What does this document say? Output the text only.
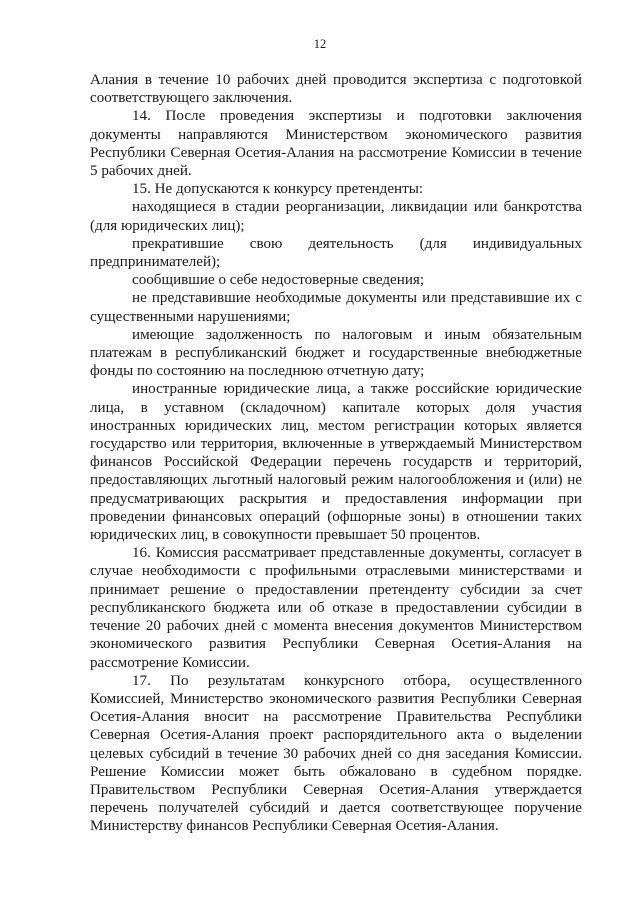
12
Алания в течение 10 рабочих дней проводится экспертиза с подготовкой
соответствующего заключения.
14. После проведения экспертизы и подготовки заключения
документы направляются Министерством экономического развития
Республики Северная Осетия-Алания на рассмотрение Комиссии в течение
5 рабочих дней.
15. Не допускаются к конкурсу претенденты:
находящиеся в стадии реорганизации, ликвидации или банкротства
(для юридических лиц);
прекратившие свою деятельность (для индивидуальных
предпринимателей);
сообщившие о себе недостоверные сведения;
не представившие необходимые документы или представившие их с
существенными нарушениями;
имеющие задолженность по налоговым и иным обязательным
платежам в республиканский бюджет и государственные внебюджетные
фонды по состоянию на последнюю отчетную дату;
иностранные юридические лица, а также российские юридические
лица, в уставном (складочном) капитале которых доля участия
иностранных юридических лиц, местом регистрации которых является
государство или территория, включенные в утверждаемый Министерством
финансов Российской Федерации перечень государств и территорий,
предоставляющих льготный налоговый режим налогообложения и (или) не
предусматривающих раскрытия и предоставления информации при
проведении финансовых операций (офшорные зоны) в отношении таких
юридических лиц, в совокупности превышает 50 процентов.
16. Комиссия рассматривает представленные документы, согласует в
случае необходимости с профильными отраслевыми министерствами и
принимает решение о предоставлении претенденту субсидии за счет
республиканского бюджета или об отказе в предоставлении субсидии в
течение 20 рабочих дней с момента внесения документов Министерством
экономического развития Республики Северная Осетия-Алания на
рассмотрение Комиссии.
17. По результатам конкурсного отбора, осуществленного
Комиссией, Министерство экономического развития Республики Северная
Осетия-Алания вносит на рассмотрение Правительства Республики
Северная Осетия-Алания проект распорядительного акта о выделении
целевых субсидий в течение 30 рабочих дней со дня заседания Комиссии.
Решение Комиссии может быть обжаловано в судебном порядке.
Правительством Республики Северная Осетия-Алания утверждается
перечень получателей субсидий и дается соответствующее поручение
Министерству финансов Республики Северная Осетия-Алания.
